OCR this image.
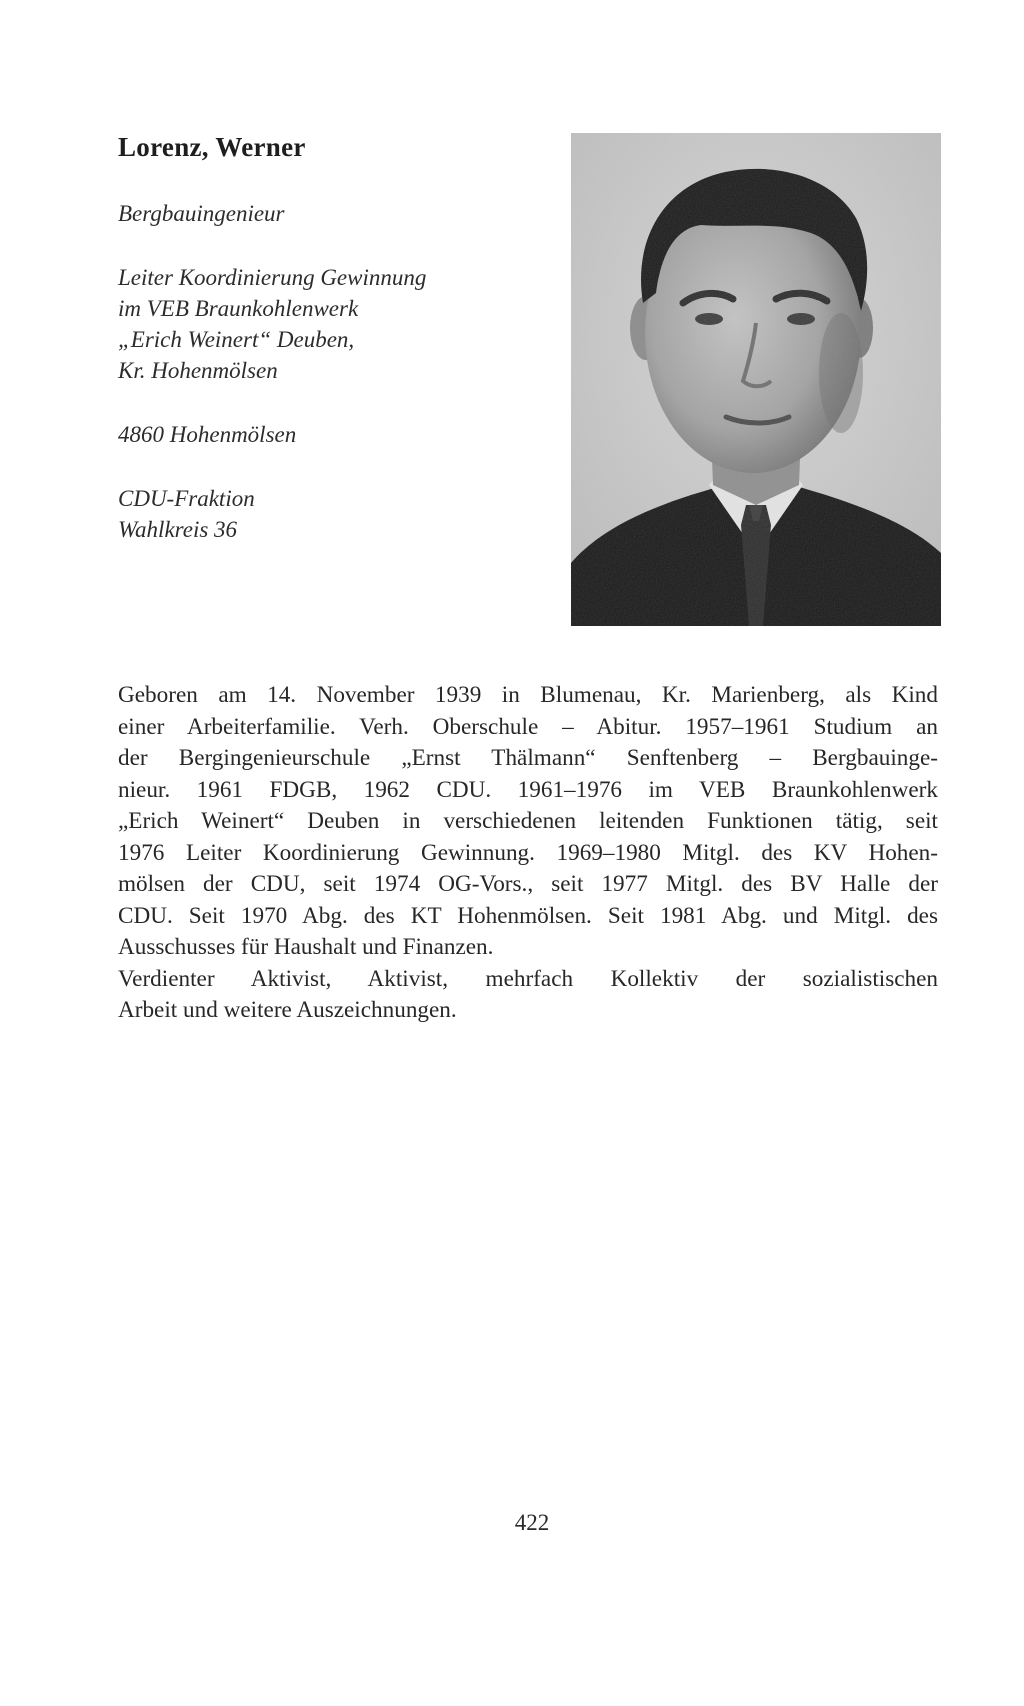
Lorenz, Werner
Bergbauingenieur
Leiter Koordinierung Gewinnung
im VEB Braunkohlenwerk
„Erich Weinert“ Deuben,
Kr. Hohenmölsen
4860 Hohenmölsen
CDU-Fraktion
Wahlkreis 36
Geboren am 14. November 1939 in Blumenau, Kr. Marienberg, als Kind
einer Arbeiterfamilie. Verh. Oberschule – Abitur. 1957–1961 Studium an
der Bergingenieurschule „Ernst Thälmann“ Senftenberg – Bergbauinge-
nieur. 1961 FDGB, 1962 CDU. 1961–1976 im VEB Braunkohlenwerk
„Erich Weinert“ Deuben in verschiedenen leitenden Funktionen tätig, seit
1976 Leiter Koordinierung Gewinnung. 1969–1980 Mitgl. des KV Hohen-
mölsen der CDU, seit 1974 OG-Vors., seit 1977 Mitgl. des BV Halle der
CDU. Seit 1970 Abg. des KT Hohenmölsen. Seit 1981 Abg. und Mitgl. des
Ausschusses für Haushalt und Finanzen.
Verdienter Aktivist, Aktivist, mehrfach Kollektiv der sozialistischen
Arbeit und weitere Auszeichnungen.
422
